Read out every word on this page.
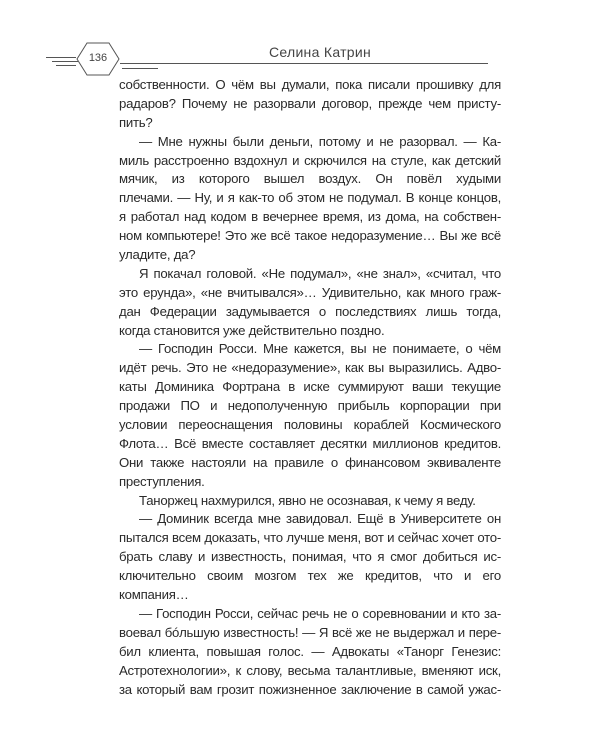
136	Селина Катрин
собственности. О чём вы думали, пока писали прошивку для
радаров? Почему не разорвали договор, прежде чем присту-
пить?
— Мне нужны были деньги, потому и не разорвал. — Ка-
миль расстроенно вздохнул и скрючился на стуле, как детский
мячик, из которого вышел воздух. Он повёл худыми
плечами. — Ну, и я как-то об этом не подумал. В конце концов,
я работал над кодом в вечернее время, из дома, на собствен-
ном компьютере! Это же всё такое недоразумение… Вы же всё
уладите, да?
Я покачал головой. «Не подумал», «не знал», «считал, что
это ерунда», «не вчитывался»… Удивительно, как много граж-
дан Федерации задумывается о последствиях лишь тогда,
когда становится уже действительно поздно.
— Господин Росси. Мне кажется, вы не понимаете, о чём
идёт речь. Это не «недоразумение», как вы выразились. Адво-
каты Доминика Фортрана в иске суммируют ваши текущие
продажи ПО и недополученную прибыль корпорации при
условии переоснащения половины кораблей Космического
Флота… Всё вместе составляет десятки миллионов кредитов.
Они также настояли на правиле о финансовом эквиваленте
преступления.
Таноржец нахмурился, явно не осознавая, к чему я веду.
— Доминик всегда мне завидовал. Ещё в Университете он
пытался всем доказать, что лучше меня, вот и сейчас хочет ото-
брать славу и известность, понимая, что я смог добиться ис-
ключительно своим мозгом тех же кредитов, что и его
компания…
— Господин Росси, сейчас речь не о соревновании и кто за-
воевал бóльшую известность! — Я всё же не выдержал и пере-
бил клиента, повышая голос. — Адвокаты «Танорг Генезис:
Астротехнологии», к слову, весьма талантливые, вменяют иск,
за который вам грозит пожизненное заключение в самой ужас-
